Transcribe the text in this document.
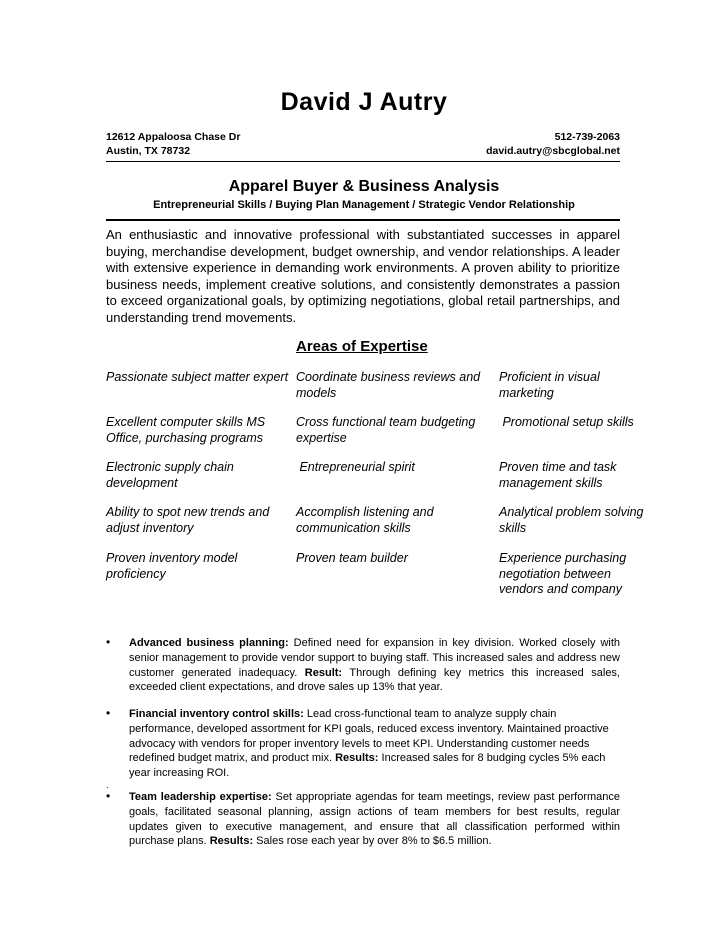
David J Autry
12612 Appaloosa Chase Dr
Austin, TX 78732
512-739-2063
david.autry@sbcglobal.net
Apparel Buyer & Business Analysis
Entrepreneurial Skills / Buying Plan Management / Strategic Vendor Relationship

An enthusiastic and innovative professional with substantiated successes in apparel buying, merchandise development, budget ownership, and vendor relationships. A leader with extensive experience in demanding work environments. A proven ability to prioritize business needs, implement creative solutions, and consistently demonstrates a passion to exceed organizational goals, by optimizing negotiations, global retail partnerships, and understanding trend movements.

Areas of Expertise
Passionate subject matter expert Coordinate business reviews and models
Proficient in visual marketing
Excellent computer skills MS Office, purchasing programs
Cross functional team budgeting expertise
Promotional setup skills
Electronic supply chain development
Entrepreneurial spirit	Proven time and task management skills
Ability to spot new trends and adjust inventory
Accomplish listening and communication skills
Analytical problem solving skills
Proven inventory model proficiency
Proven team builder	Experience purchasing negotiation between vendors and company
• Advanced business planning: Defined need for expansion in key division. Worked closely with senior management to provide vendor support to buying staff. This increased sales and address new customer generated inadequacy. Result: Through defining key metrics this increased sales, exceeded client expectations, and drove sales up 13% that year.
• Financial inventory control skills: Lead cross-functional team to analyze supply chain performance, developed assortment for KPI goals, reduced excess inventory. Maintained proactive advocacy with vendors for proper inventory levels to meet KPI. Understanding customer needs redefined budget matrix, and product mix. Results: Increased sales for 8 budging cycles 5% each year increasing ROI.
.
• Team leadership expertise: Set appropriate agendas for team meetings, review past performance goals, facilitated seasonal planning, assign actions of team members for best results, regular updates given to executive management, and ensure that all classification performed within purchase plans. Results: Sales rose each year by over 8% to $6.5 million.
